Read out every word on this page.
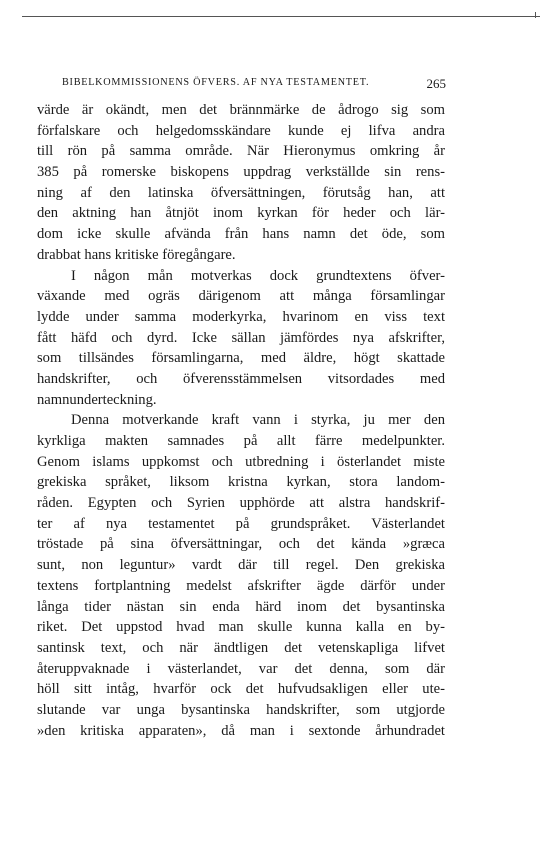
BIBELKOMMISSIONENS ÖFVERS. AF NYA TESTAMENTET.	265
värde är okändt, men det brännmärke de ådrogo sig som
förfalskare och helgedomsskändare kunde ej lifva andra
till rön på samma område. När Hieronymus omkring år
385 på romerske biskopens uppdrag verkställde sin rens-
ning af den latinska öfversättningen, förutsåg han, att
den aktning han åtnjöt inom kyrkan för heder och lär-
dom icke skulle afvända från hans namn det öde, som
drabbat hans kritiske föregångare.
I någon mån motverkas dock grundtextens öfver-
växande med ogräs därigenom att många församlingar
lydde under samma moderkyrka, hvarinom en viss text
fått häfd och dyrd. Icke sällan jämfördes nya afskrifter,
som tillsändes församlingarna, med äldre, högt skattade
handskrifter, och öfverensstämmelsen vitsordades med
namnunderteckning.
Denna motverkande kraft vann i styrka, ju mer den
kyrkliga makten samnades på allt färre medelpunkter.
Genom islams uppkomst och utbredning i österlandet miste
grekiska språket, liksom kristna kyrkan, stora landom-
råden. Egypten och Syrien upphörde att alstra handskrif-
ter af nya testamentet på grundspråket. Västerlandet
tröstade på sina öfversättningar, och det kända »græca
sunt, non leguntur» vardt där till regel. Den grekiska
textens fortplantning medelst afskrifter ägde därför under
långa tider nästan sin enda härd inom det bysantinska
riket. Det uppstod hvad man skulle kunna kalla en by-
santinsk text, och när ändtligen det vetenskapliga lifvet
återuppvaknade i västerlandet, var det denna, som där
höll sitt intåg, hvarför ock det hufvudsakligen eller ute-
slutande var unga bysantinska handskrifter, som utgjorde
»den kritiska apparaten», då man i sextonde århundradet
